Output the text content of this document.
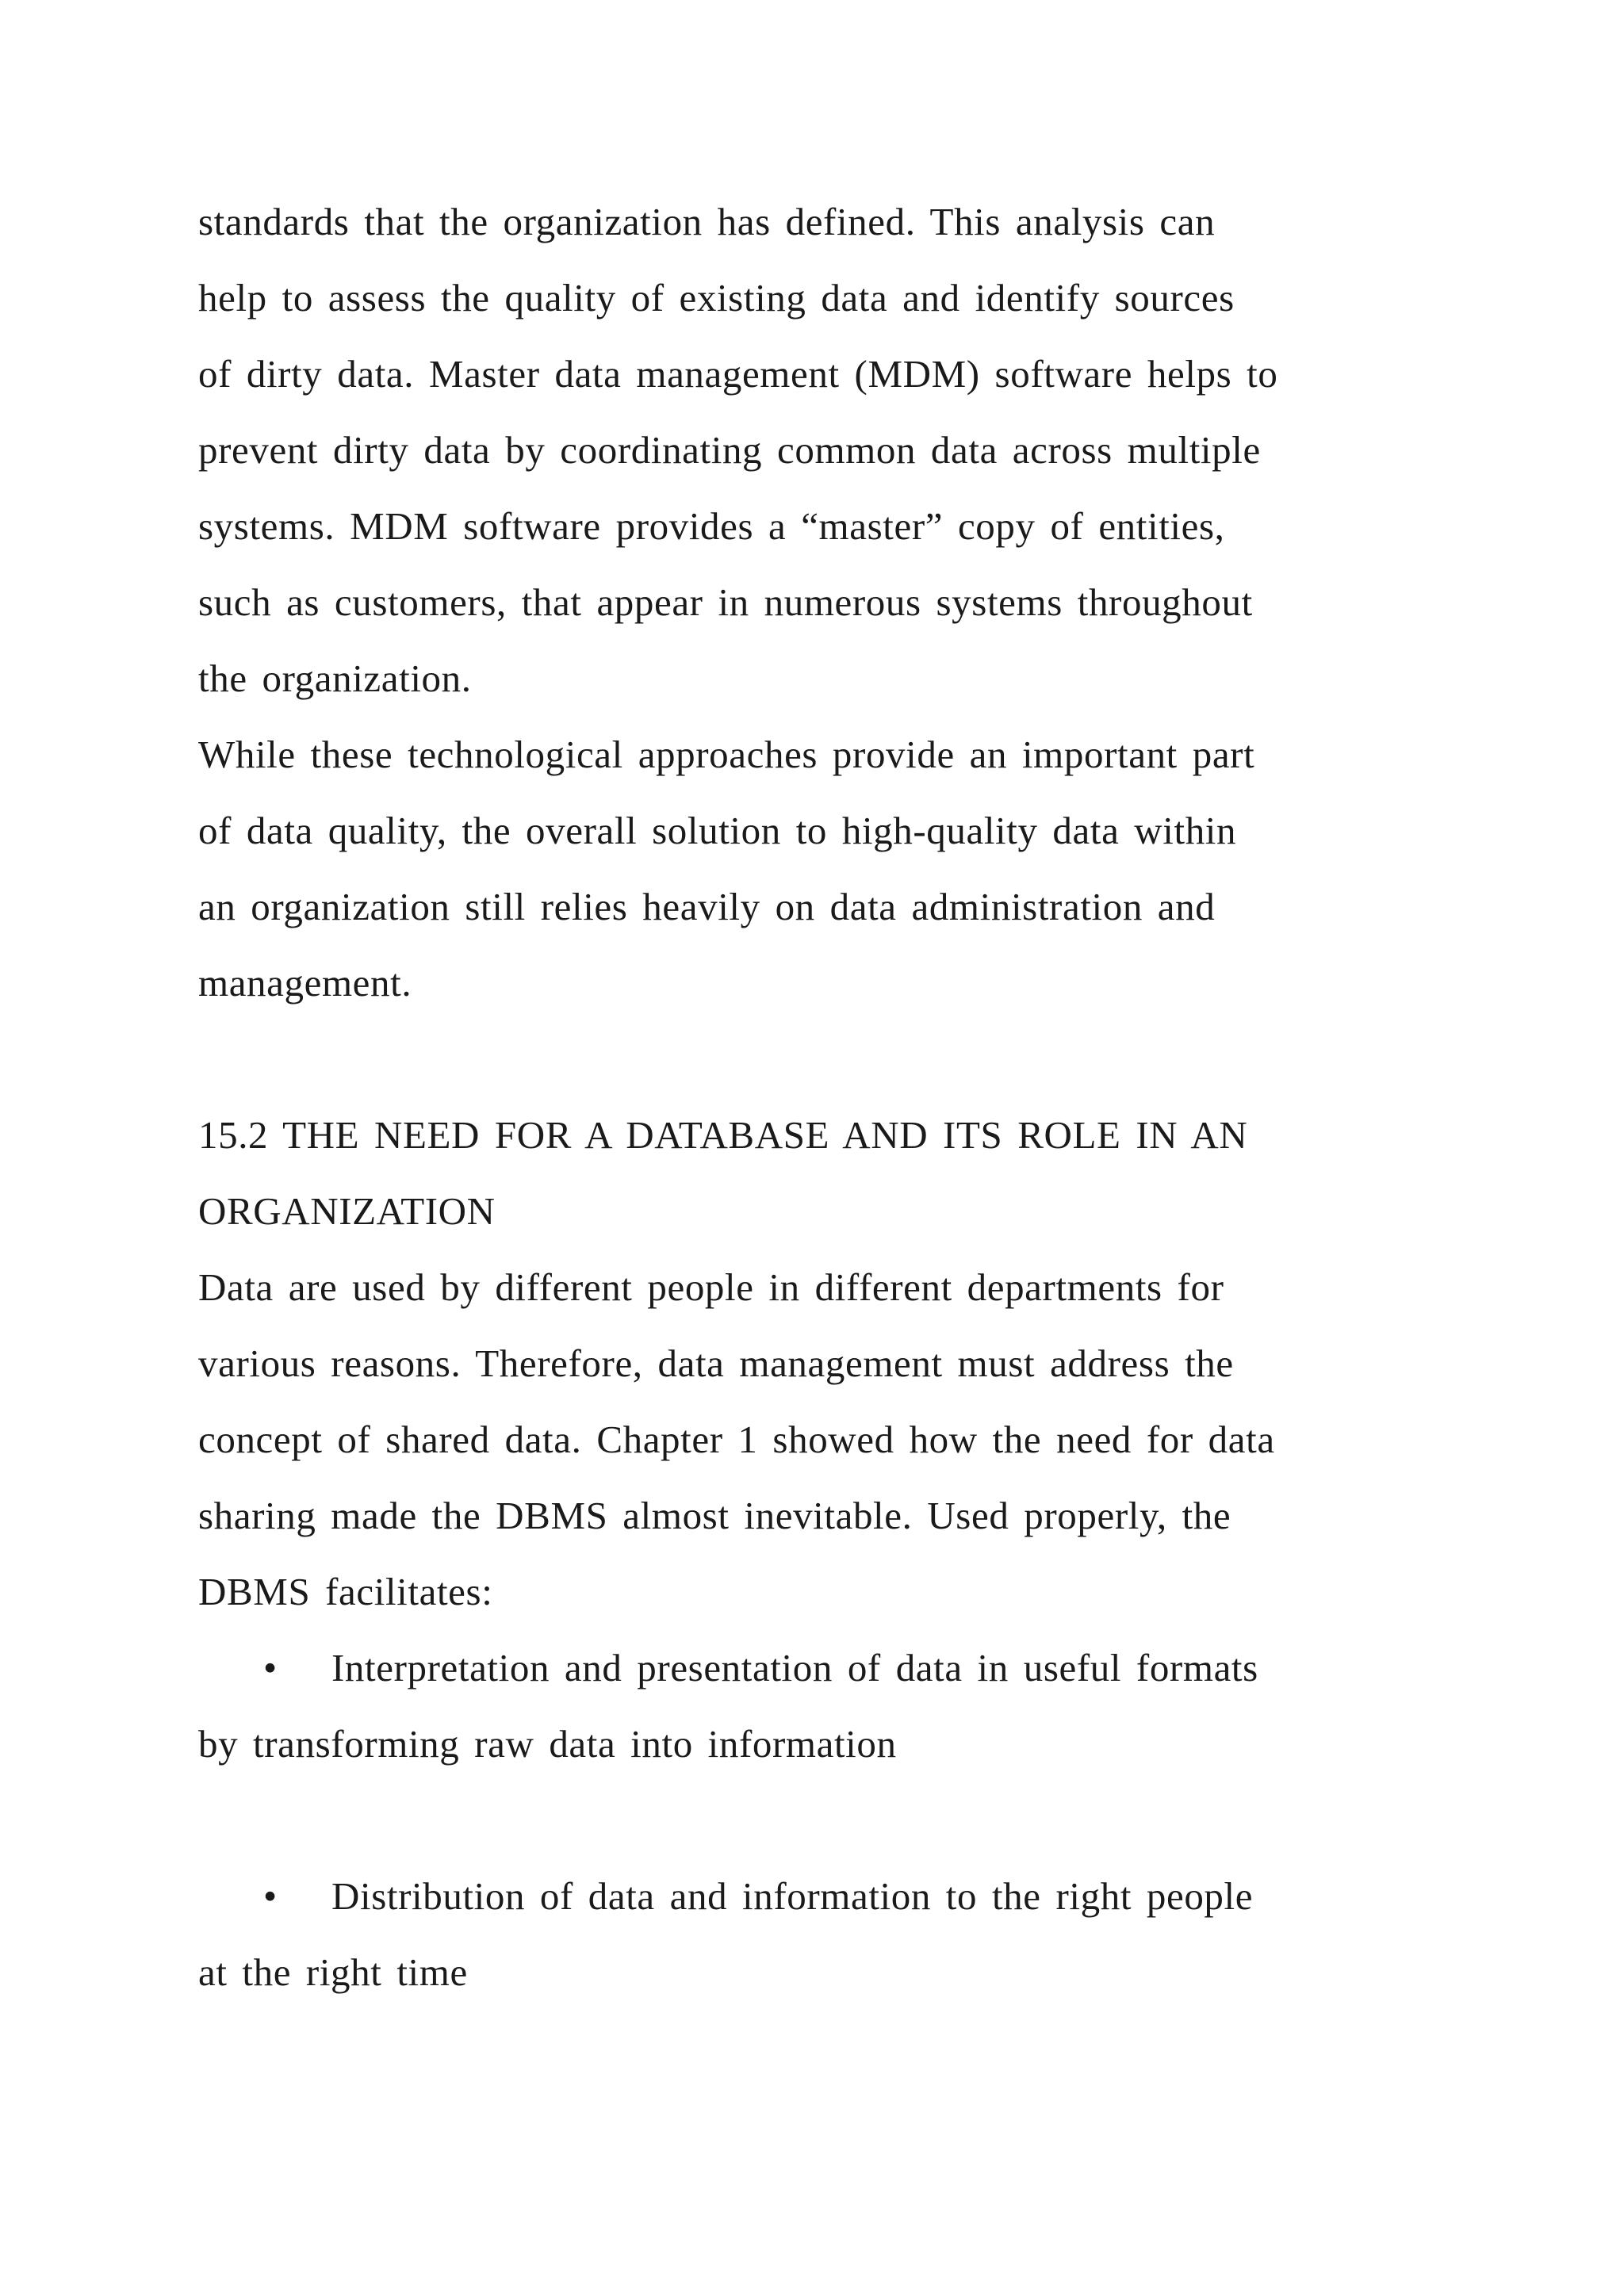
standards that the organization has defined. This analysis can
help to assess the quality of existing data and identify sources
of dirty data. Master data management (MDM) software helps to
prevent dirty data by coordinating common data across multiple
systems. MDM software provides a “master” copy of entities,
such as customers, that appear in numerous systems throughout
the organization.
While these technological approaches provide an important part
of data quality, the overall solution to high-quality data within
an organization still relies heavily on data administration and
management.
15.2 THE NEED FOR A DATABASE AND ITS ROLE IN AN
ORGANIZATION
Data are used by different people in different departments for
various reasons. Therefore, data management must address the
concept of shared data. Chapter 1 showed how the need for data
sharing made the DBMS almost inevitable. Used properly, the
DBMS facilitates:
• Interpretation and presentation of data in useful formats
by transforming raw data into information
• Distribution of data and information to the right people
at the right time
